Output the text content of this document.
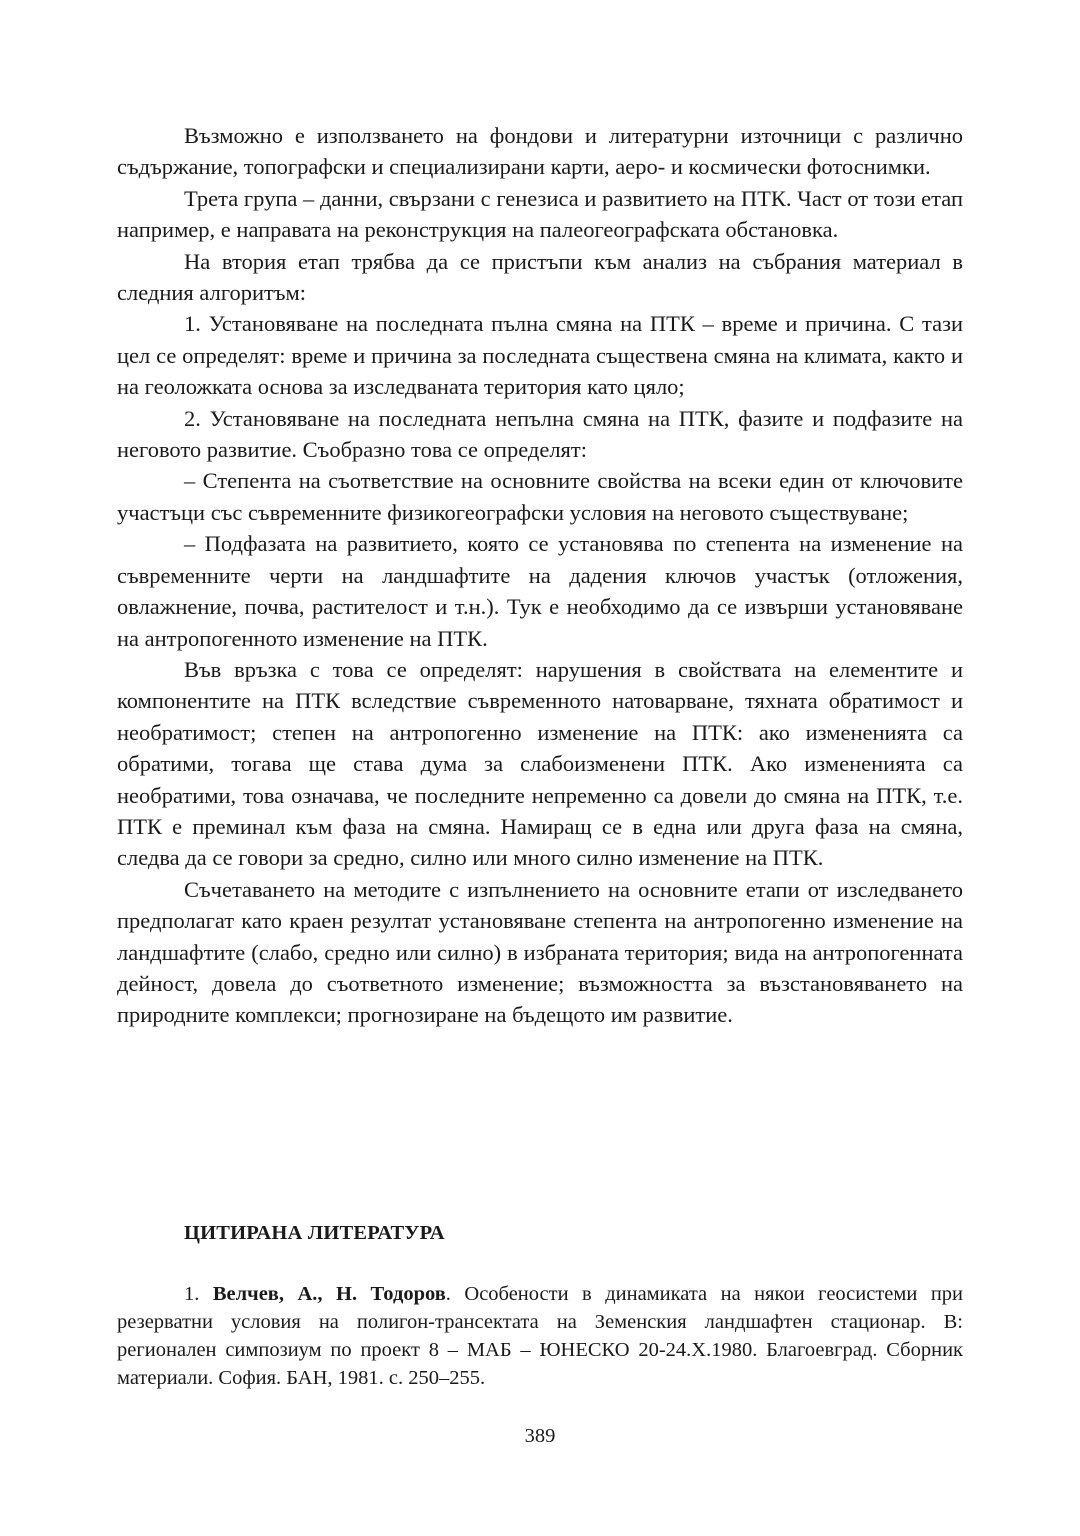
Възможно е използването на фондови и литературни източници с различно съдържание, топографски и специализирани карти, аеро- и космически фотоснимки.

Трета група – данни, свързани с генезиса и развитието на ПТК. Част от този етап например, е направата на реконструкция на палеогеографската обстановка.

На втория етап трябва да се пристъпи към анализ на събрания материал в следния алгоритъм:

1. Установяване на последната пълна смяна на ПТК – време и причина. С тази цел се определят: време и причина за последната съществена смяна на климата, както и на геоложката основа за изследваната територия като цяло;

2. Установяване на последната непълна смяна на ПТК, фазите и подфазите на неговото развитие. Съобразно това се определят:

– Степента на съответствие на основните свойства на всеки един от ключовите участъци със съвременните физикогеографски условия на неговото съществуване;

– Подфазата на развитието, която се установява по степента на изменение на съвременните черти на ландшафтите на дадения ключов участък (отложения, овлажнение, почва, растителост и т.н.). Тук е необходимо да се извърши установяване на антропогенното изменение на ПТК.

Във връзка с това се определят: нарушения в свойствата на елементите и компонентите на ПТК вследствие съвременното натоварване, тяхната обратимост и необратимост; степен на антропогенно изменение на ПТК: ако измененията са обратими, тогава ще става дума за слабоизменени ПТК. Ако измененията са необратими, това означава, че последните непременно са довели до смяна на ПТК, т.е. ПТК е преминал към фаза на смяна. Намиращ се в една или друга фаза на смяна, следва да се говори за средно, силно или много силно изменение на ПТК.

Съчетаването на методите с изпълнението на основните етапи от изследването предполагат като краен резултат установяване степента на антропогенно изменение на ландшафтите (слабо, средно или силно) в избраната територия; вида на антропогенната дейност, довела до съответното изменение; възможността за възстановяването на природните комплекси; прогнозиране на бъдещото им развитие.

ЦИТИРАНА ЛИТЕРАТУРА

1. Велчев, А., Н. Тодоров. Особености в динамиката на някои геосистеми при резерватни условия на полигон-трансектата на Земенския ландшафтен стационар. В: регионален симпозиум по проект 8 – МАБ – ЮНЕСКО 20-24.Х.1980. Благоевград. Сборник материали. София. БАН, 1981. с. 250–255.

389
